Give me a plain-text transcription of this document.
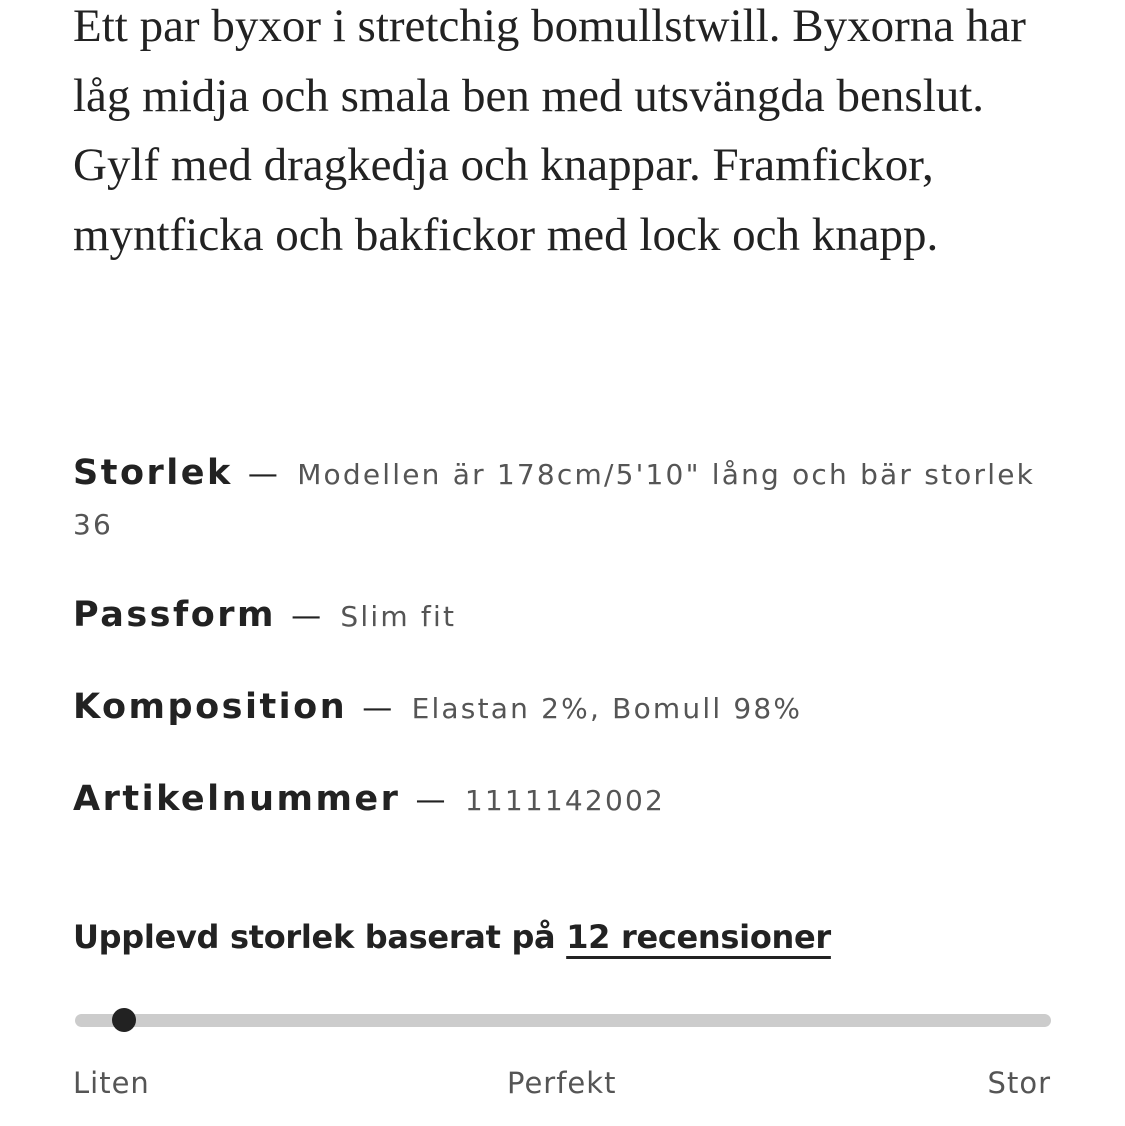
Ett par byxor i stretchig bomullstwill. Byxorna har låg midja och smala ben med utsvängda benslut. Gylf med dragkedja och knappar. Framfickor, myntficka och bakfickor med lock och knapp.

Storlek — Modellen är 178cm/5'10" lång och bär storlek 36

Passform — Slim fit

Komposition — Elastan 2%, Bomull 98%

Artikelnummer — 1111142002

Upplevd storlek baserat på 12 recensioner

Liten	Perfekt	Stor
